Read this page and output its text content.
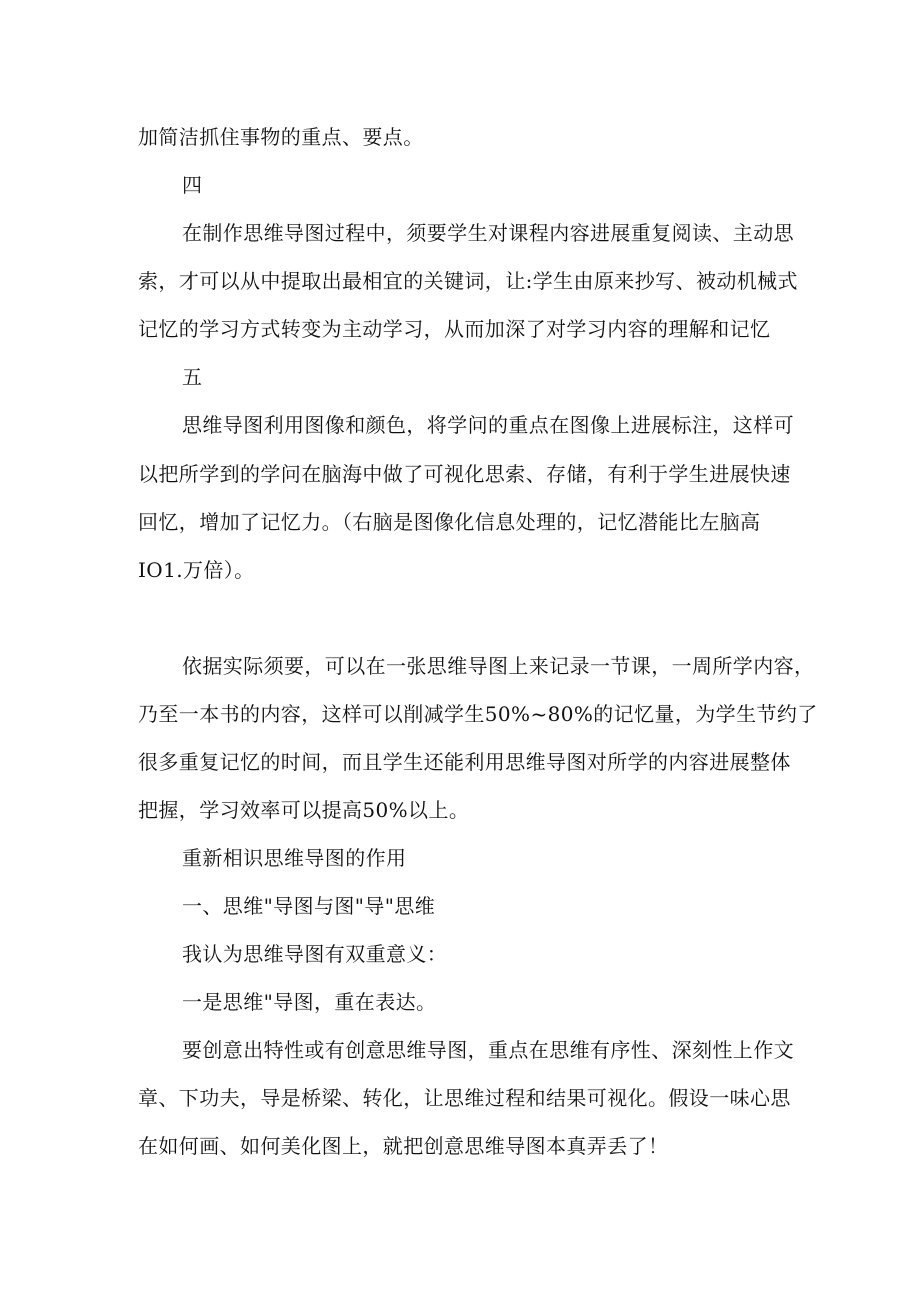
加简洁抓住事物的重点、要点。
四
在制作思维导图过程中，须要学生对课程内容进展重复阅读、主动思
索，才可以从中提取出最相宜的关键词，让:学生由原来抄写、被动机械式
记忆的学习方式转变为主动学习，从而加深了对学习内容的理解和记忆
五
思维导图利用图像和颜色，将学问的重点在图像上进展标注，这样可
以把所学到的学问在脑海中做了可视化思索、存储，有利于学生进展快速
回忆，增加了记忆力。（右脑是图像化信息处理的，记忆潜能比左脑高
IO1.万倍）。
依据实际须要，可以在一张思维导图上来记录一节课，一周所学内容，
乃至一本书的内容，这样可以削减学生50%~80%的记忆量，为学生节约了
很多重复记忆的时间，而且学生还能利用思维导图对所学的内容进展整体
把握，学习效率可以提高50%以上。
重新相识思维导图的作用
一、思维"导图与图"导"思维
我认为思维导图有双重意义：
一是思维"导图，重在表达。
要创意出特性或有创意思维导图，重点在思维有序性、深刻性上作文
章、下功夫，导是桥梁、转化，让思维过程和结果可视化。假设一味心思
在如何画、如何美化图上，就把创意思维导图本真弄丢了！
